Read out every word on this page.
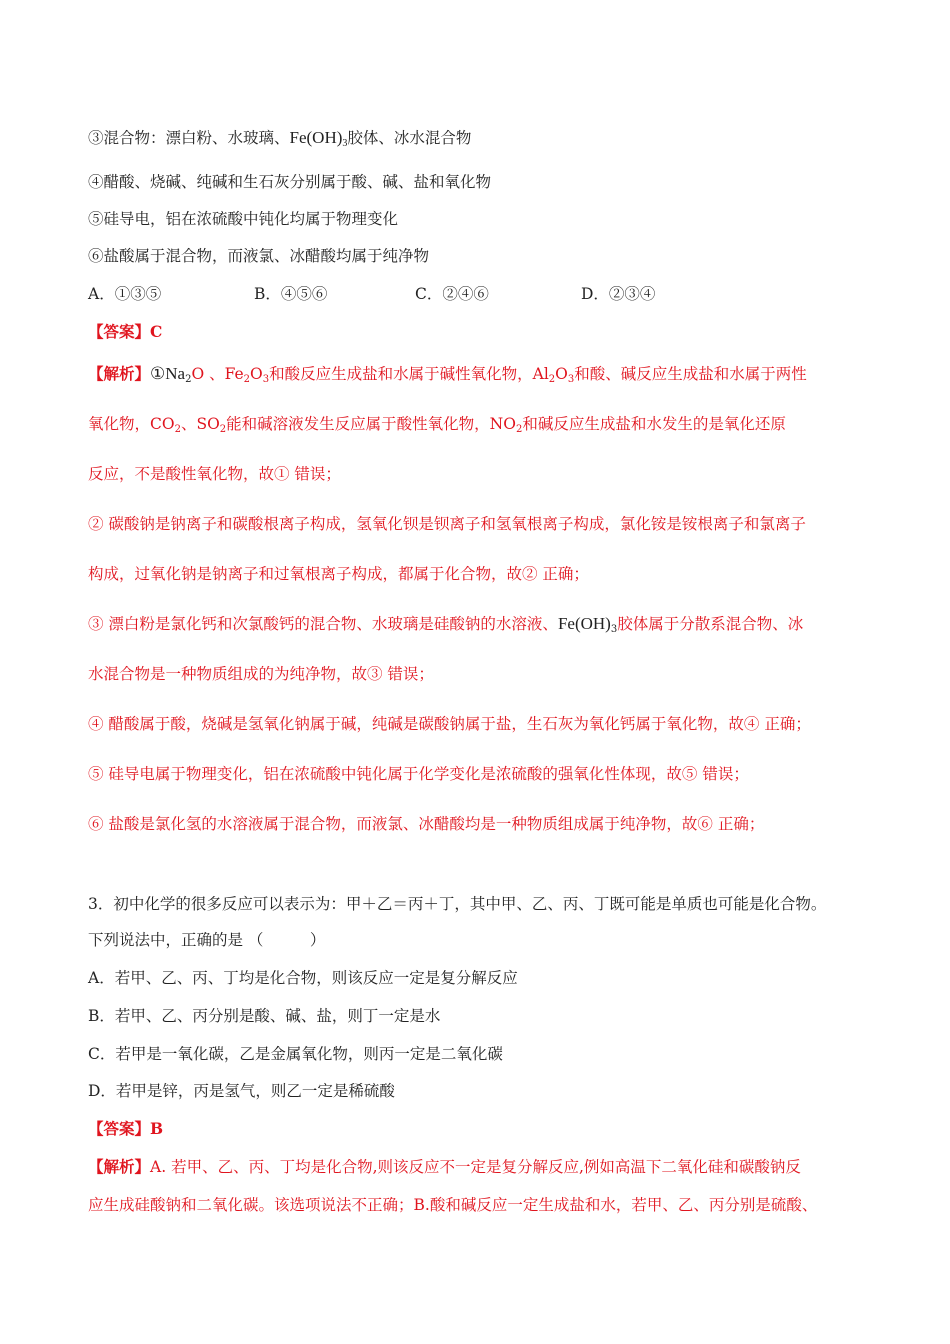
③混合物：漂白粉、水玻璃、$Fe(OH)_3$胶体、冰水混合物
④醋酸、烧碱、纯碱和生石灰分别属于酸、碱、盐和氧化物
⑤硅导电，铝在浓硫酸中钝化均属于物理变化
⑥盐酸属于混合物，而液氯、冰醋酸均属于纯净物
A．①③⑤	B．④⑤⑥	C．②④⑥	D．②③④
【答案】C
【解析】$①Na_2O$ 、$Fe_2O_3$和酸反应生成盐和水属于碱性氧化物，$Al_2O_3$和酸、碱反应生成盐和水属于两性
氧化物，$CO_2$、$SO_2$能和碱溶液发生反应属于酸性氧化物，$NO_2$和碱反应生成盐和水发生的是氧化还原
反应，不是酸性氧化物，故① 错误；
② 碳酸钠是钠离子和碳酸根离子构成，氢氧化钡是钡离子和氢氧根离子构成，氯化铵是铵根离子和氯离子
构成，过氧化钠是钠离子和过氧根离子构成，都属于化合物，故② 正确；
③ 漂白粉是氯化钙和次氯酸钙的混合物、水玻璃是硅酸钠的水溶液、$Fe(OH)_3$胶体属于分散系混合物、冰
水混合物是一种物质组成的为纯净物，故③ 错误；
④ 醋酸属于酸，烧碱是氢氧化钠属于碱，纯碱是碳酸钠属于盐，生石灰为氧化钙属于氧化物，故④ 正确；
⑤ 硅导电属于物理变化，铝在浓硫酸中钝化属于化学变化是浓硫酸的强氧化性体现，故⑤ 错误；
⑥ 盐酸是氯化氢的水溶液属于混合物，而液氯、冰醋酸均是一种物质组成属于纯净物，故⑥ 正确；
3．初中化学的很多反应可以表示为：甲＋乙＝丙＋丁，其中甲、乙、丙、丁既可能是单质也可能是化合物。
下列说法中，正确的是 （　　　）
A．若甲、乙、丙、丁均是化合物，则该反应一定是复分解反应
B．若甲、乙、丙分别是酸、碱、盐，则丁一定是水
C．若甲是一氧化碳，乙是金属氧化物，则丙一定是二氧化碳
D．若甲是锌，丙是氢气，则乙一定是稀硫酸
【答案】B
【解析】A. 若甲、乙、丙、丁均是化合物,则该反应不一定是复分解反应,例如高温下二氧化硅和碳酸钠反
应生成硅酸钠和二氧化碳。该选项说法不正确；B.酸和碱反应一定生成盐和水，若甲、乙、丙分别是硫酸、
